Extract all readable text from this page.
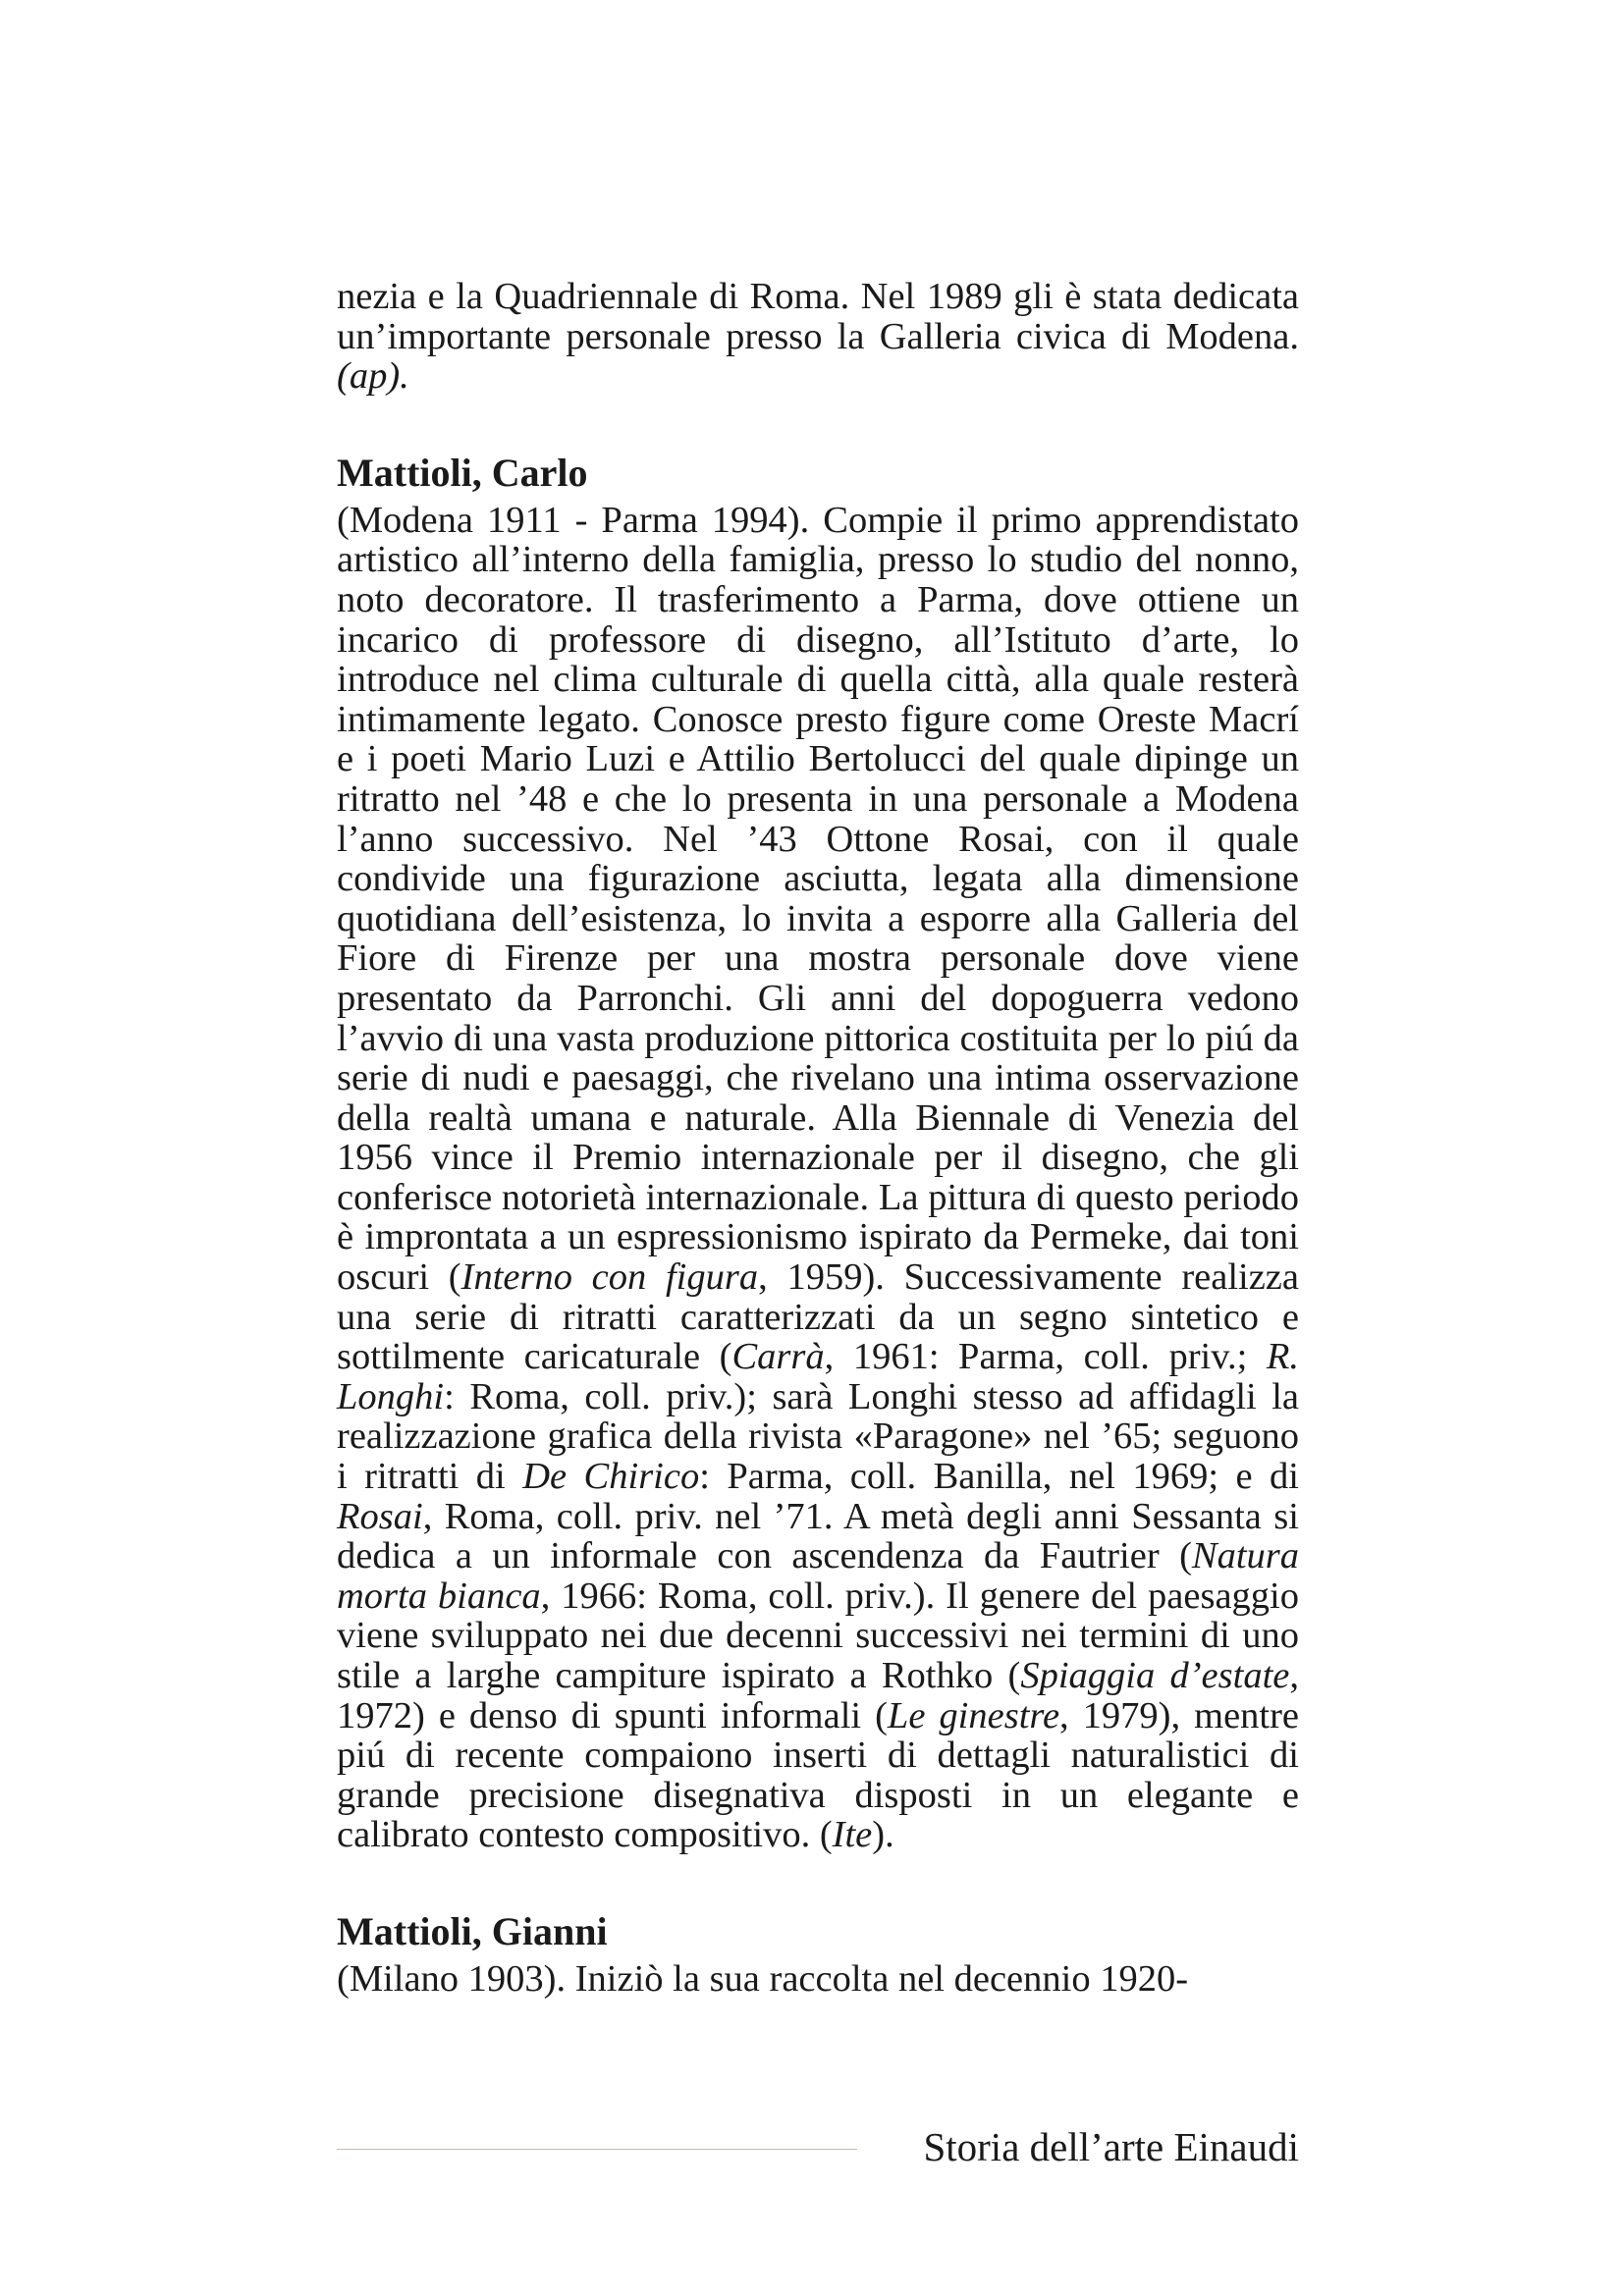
nezia e la Quadriennale di Roma. Nel 1989 gli è stata dedicata un’importante personale presso la Galleria civica di Modena. (ap).

Mattioli, Carlo

(Modena 1911 - Parma 1994). Compie il primo apprendistato artistico all’interno della famiglia, presso lo studio del nonno, noto decoratore. Il trasferimento a Parma, dove ottiene un incarico di professore di disegno, all’Istituto d’arte, lo introduce nel clima culturale di quella città, alla quale resterà intimamente legato. Conosce presto figure come Oreste Macrí e i poeti Mario Luzi e Attilio Bertolucci del quale dipinge un ritratto nel ’48 e che lo presenta in una personale a Modena l’anno successivo. Nel ’43 Ottone Rosai, con il quale condivide una figurazione asciutta, legata alla dimensione quotidiana dell’esistenza, lo invita a esporre alla Galleria del Fiore di Firenze per una mostra personale dove viene presentato da Parronchi. Gli anni del dopoguerra vedono l’avvio di una vasta produzione pittorica costituita per lo piú da serie di nudi e paesaggi, che rivelano una intima osservazione della realtà umana e naturale. Alla Biennale di Venezia del 1956 vince il Premio internazionale per il disegno, che gli conferisce notorietà internazionale. La pittura di questo periodo è improntata a un espressionismo ispirato da Permeke, dai toni oscuri (Interno con figura, 1959). Successivamente realizza una serie di ritratti caratterizzati da un segno sintetico e sottilmente caricaturale (Carrà, 1961: Parma, coll. priv.; R. Longhi: Roma, coll. priv.); sarà Longhi stesso ad affidagli la realizzazione grafica della rivista «Paragone» nel ’65; seguono i ritratti di De Chirico: Parma, coll. Banilla, nel 1969; e di Rosai, Roma, coll. priv. nel ’71. A metà degli anni Sessanta si dedica a un informale con ascendenza da Fautrier (Natura morta bianca, 1966: Roma, coll. priv.). Il genere del paesaggio viene sviluppato nei due decenni successivi nei termini di uno stile a larghe campiture ispirato a Rothko (Spiaggia d’estate, 1972) e denso di spunti informali (Le ginestre, 1979), mentre piú di recente compaiono inserti di dettagli naturalistici di grande precisione disegnativa disposti in un elegante e calibrato contesto compositivo. (Ite).

Mattioli, Gianni

(Milano 1903). Iniziò la sua raccolta nel decennio 1920-

Storia dell’arte Einaudi
